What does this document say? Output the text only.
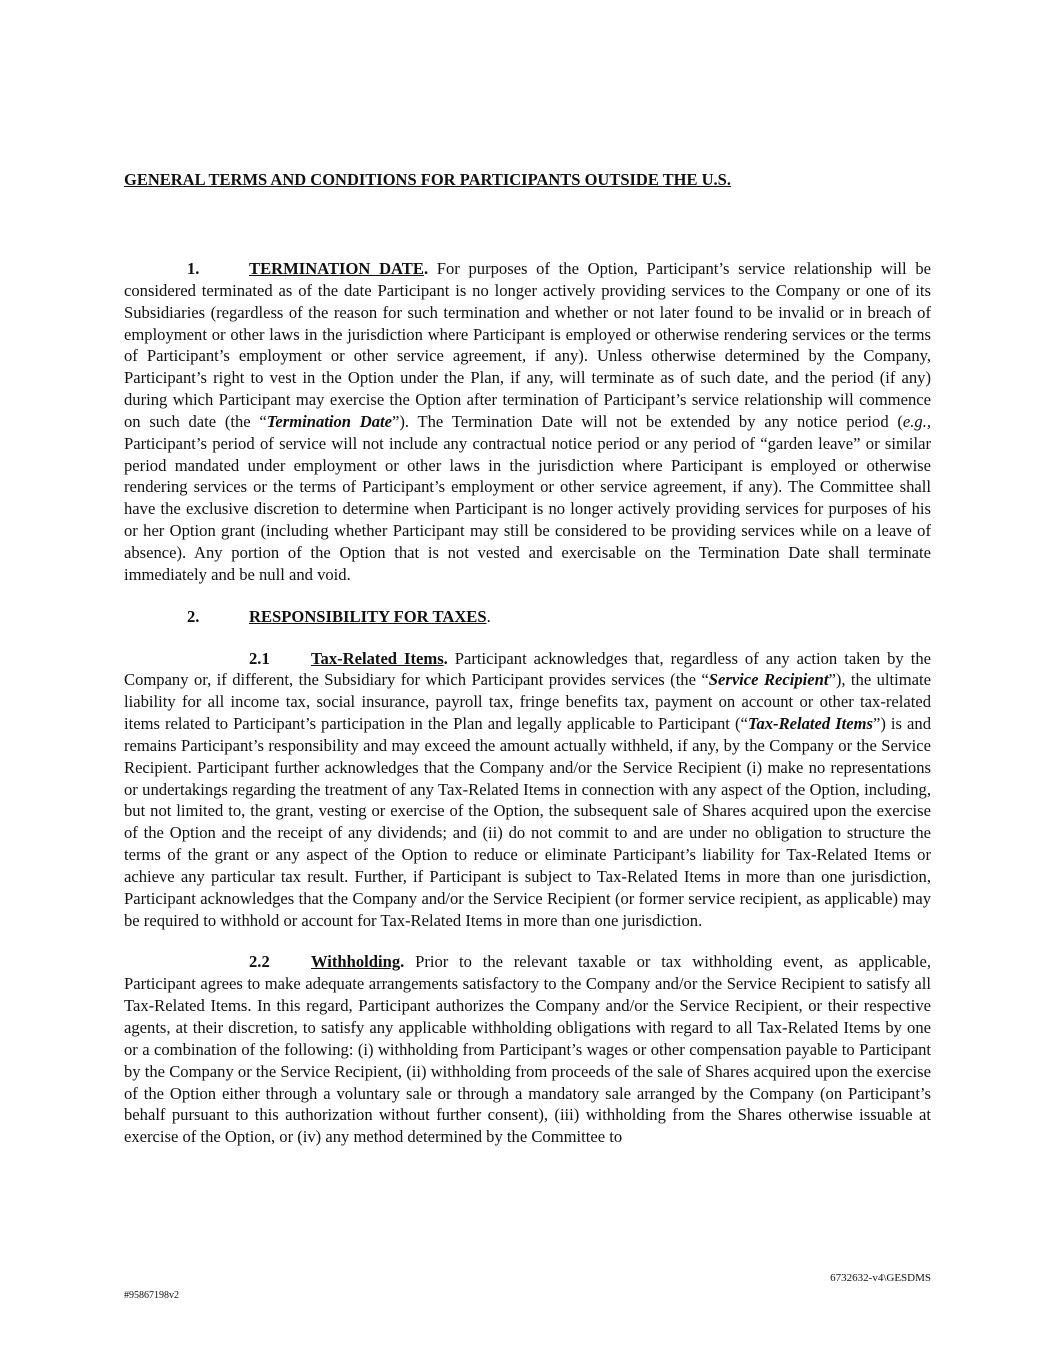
GENERAL TERMS AND CONDITIONS FOR PARTICIPANTS OUTSIDE THE U.S.

1.	TERMINATION DATE. For purposes of the Option, Participant’s service relationship will be considered terminated as of the date Participant is no longer actively providing services to the Company or one of its Subsidiaries (regardless of the reason for such termination and whether or not later found to be invalid or in breach of employment or other laws in the jurisdiction where Participant is employed or otherwise rendering services or the terms of Participant’s employment or other service agreement, if any). Unless otherwise determined by the Company, Participant’s right to vest in the Option under the Plan, if any, will terminate as of such date, and the period (if any) during which Participant may exercise the Option after termination of Participant’s service relationship will commence on such date (the “Termination Date”). The Termination Date will not be extended by any notice period (e.g., Participant’s period of service will not include any contractual notice period or any period of “garden leave” or similar period mandated under employment or other laws in the jurisdiction where Participant is employed or otherwise rendering services or the terms of Participant’s employment or other service agreement, if any). The Committee shall have the exclusive discretion to determine when Participant is no longer actively providing services for purposes of his or her Option grant (including whether Participant may still be considered to be providing services while on a leave of absence). Any portion of the Option that is not vested and exercisable on the Termination Date shall terminate immediately and be null and void.

2.	RESPONSIBILITY FOR TAXES.

2.1 Tax-Related Items. Participant acknowledges that, regardless of any action taken by the Company or, if different, the Subsidiary for which Participant provides services (the “Service Recipient”), the ultimate liability for all income tax, social insurance, payroll tax, fringe benefits tax, payment on account or other tax-related items related to Participant’s participation in the Plan and legally applicable to Participant (“Tax-Related Items”) is and remains Participant’s responsibility and may exceed the amount actually withheld, if any, by the Company or the Service Recipient. Participant further acknowledges that the Company and/or the Service Recipient (i) make no representations or undertakings regarding the treatment of any Tax-Related Items in connection with any aspect of the Option, including, but not limited to, the grant, vesting or exercise of the Option, the subsequent sale of Shares acquired upon the exercise of the Option and the receipt of any dividends; and (ii) do not commit to and are under no obligation to structure the terms of the grant or any aspect of the Option to reduce or eliminate Participant’s liability for Tax-Related Items or achieve any particular tax result. Further, if Participant is subject to Tax-Related Items in more than one jurisdiction, Participant acknowledges that the Company and/or the Service Recipient (or former service recipient, as applicable) may be required to withhold or account for Tax-Related Items in more than one jurisdiction.

2.2 Withholding. Prior to the relevant taxable or tax withholding event, as applicable, Participant agrees to make adequate arrangements satisfactory to the Company and/or the Service Recipient to satisfy all Tax-Related Items. In this regard, Participant authorizes the Company and/or the Service Recipient, or their respective agents, at their discretion, to satisfy any applicable withholding obligations with regard to all Tax-Related Items by one or a combination of the following: (i) withholding from Participant’s wages or other compensation payable to Participant by the Company or the Service Recipient, (ii) withholding from proceeds of the sale of Shares acquired upon the exercise of the Option either through a voluntary sale or through a mandatory sale arranged by the Company (on Participant’s behalf pursuant to this authorization without further consent), (iii) withholding from the Shares otherwise issuable at exercise of the Option, or (iv) any method determined by the Committee to

6732632-v4\GESDMS
#95867198v2
